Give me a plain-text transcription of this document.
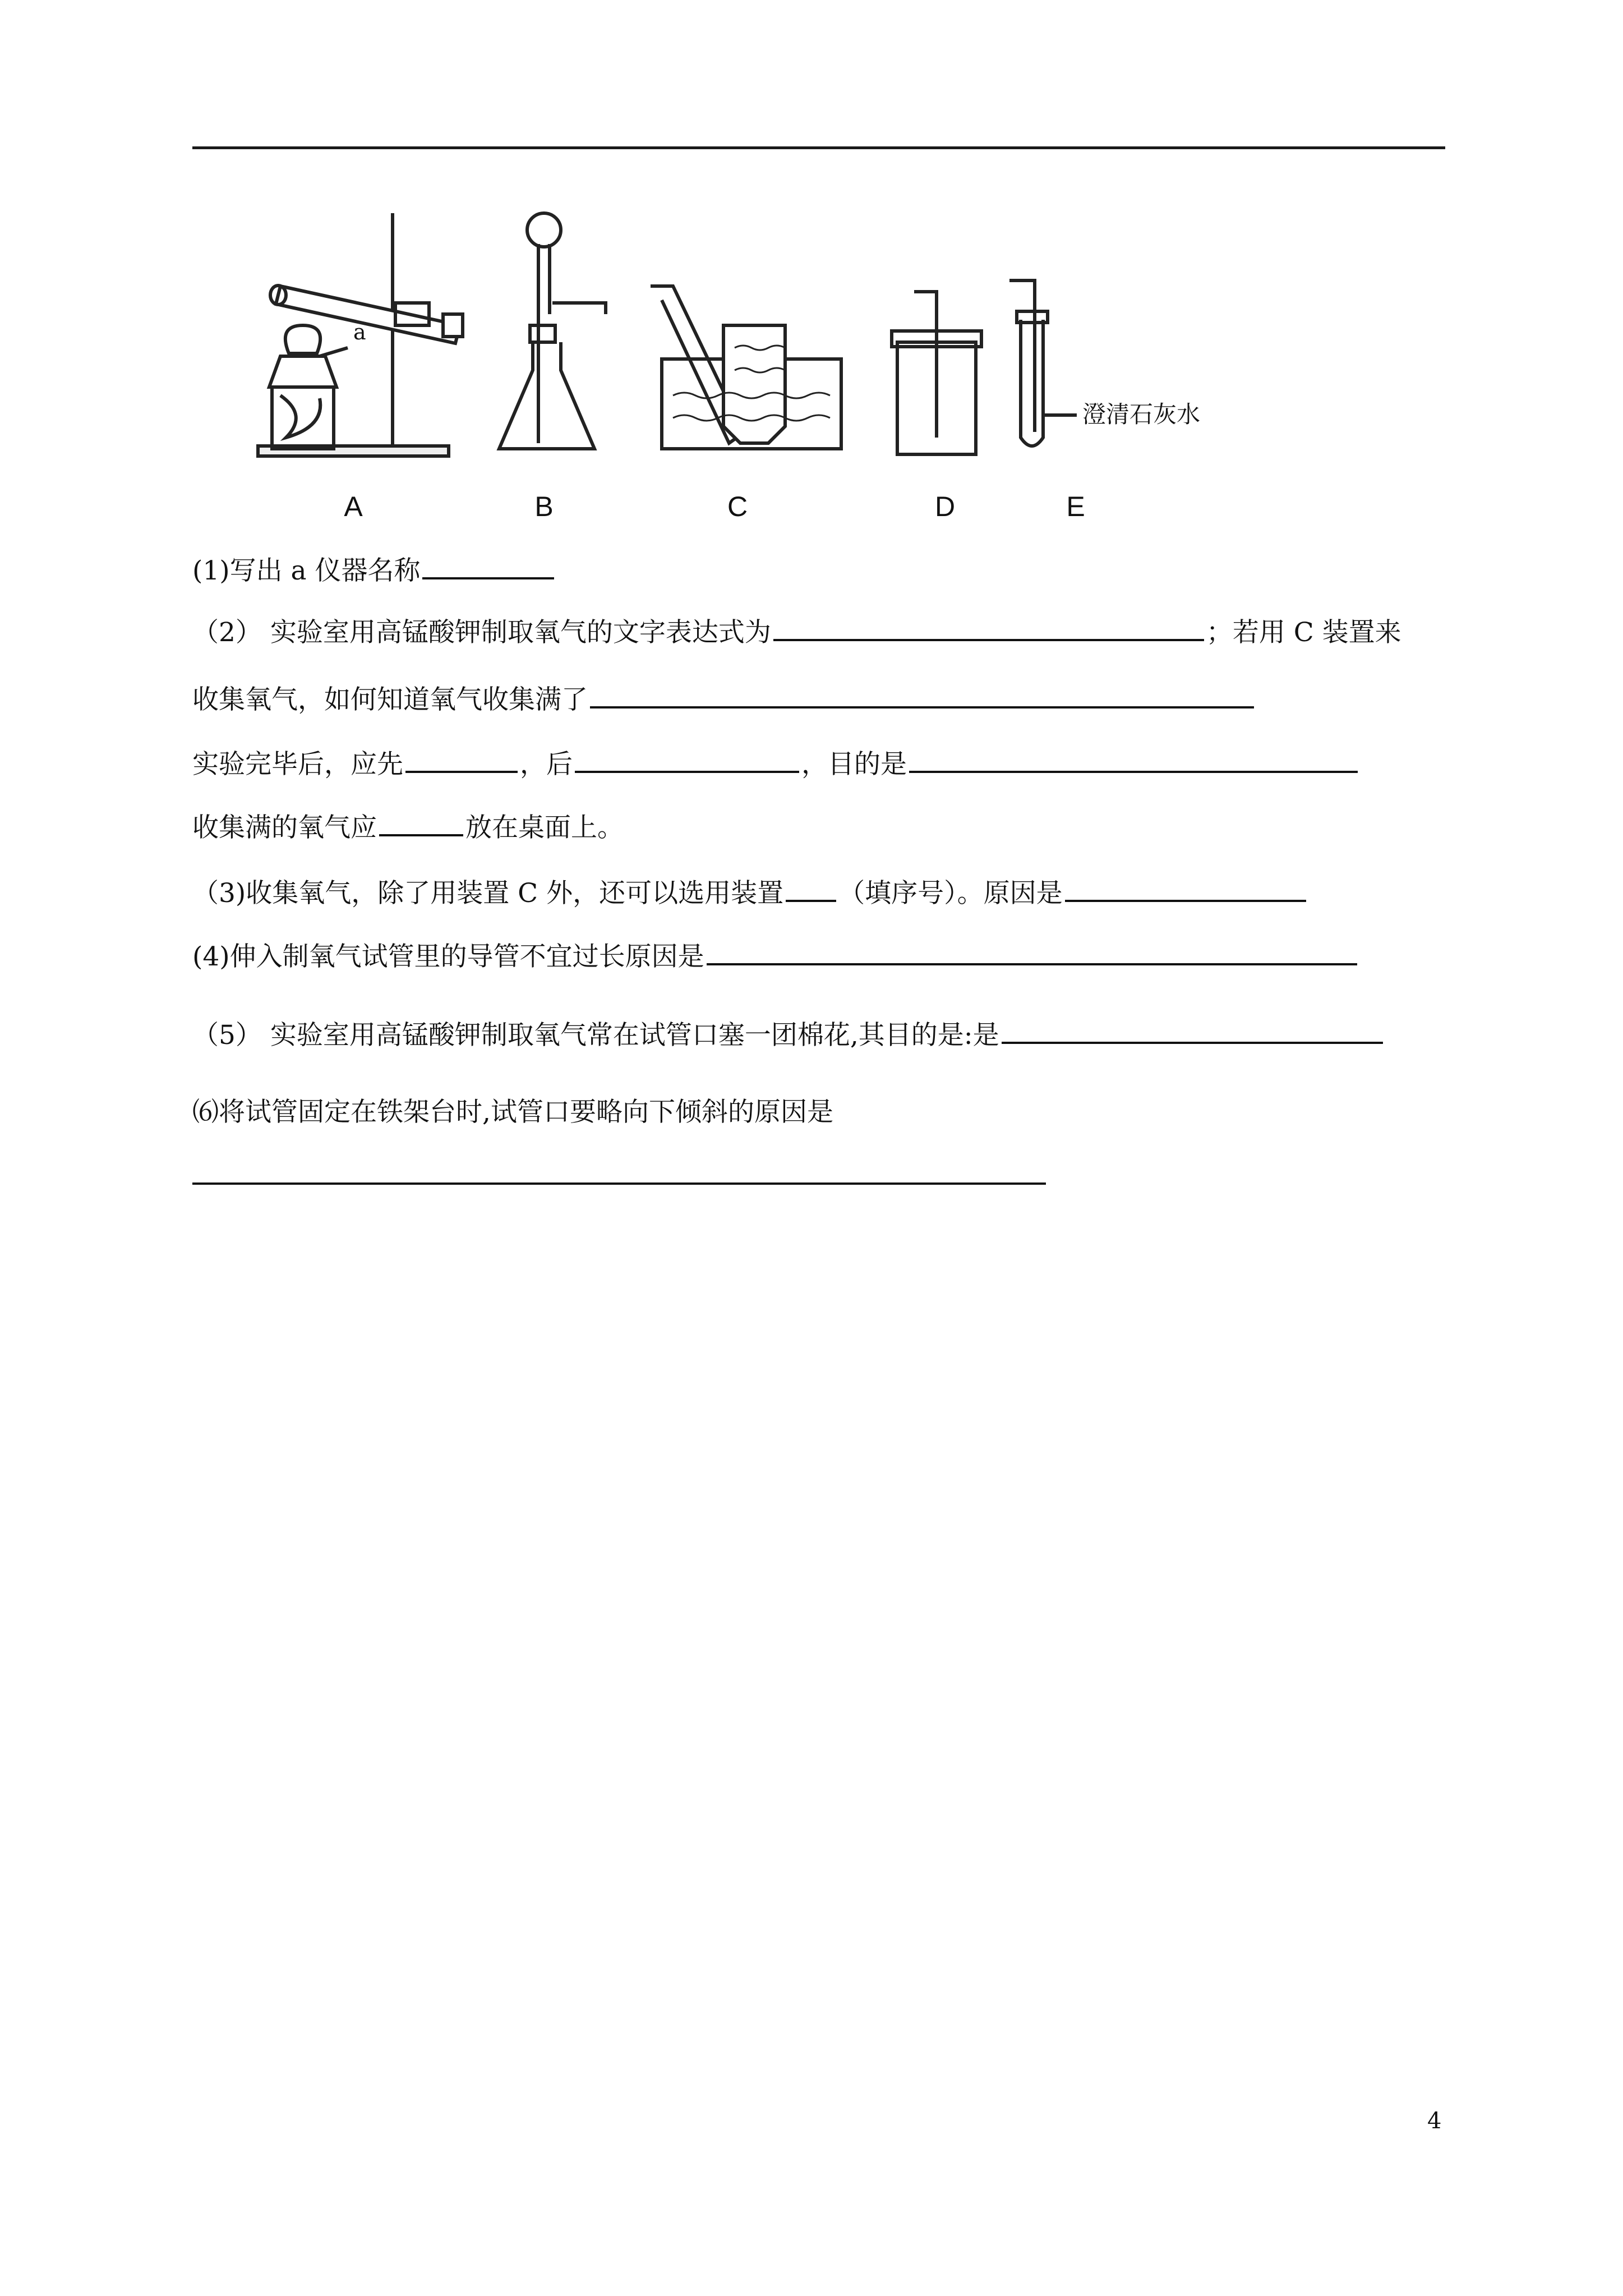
a
澄清石灰水
A	B	C	D	E
(1)写出 a 仪器名称
（2） 实验室用高锰酸钾制取氧气的文字表达式为	；若用 C 装置来
收集氧气，如何知道氧气收集满了
实验完毕后，应先	，后	，目的是
收集满的氧气应	放在桌面上。
（3)收集氧气，除了用装置 C 外，还可以选用装置 （填序号）。原因是
(4)伸入制氧气试管里的导管不宜过长原因是
（5） 实验室用高锰酸钾制取氧气常在试管口塞一团棉花,其目的是:是
⑹将试管固定在铁架台时,试管口要略向下倾斜的原因是
4
